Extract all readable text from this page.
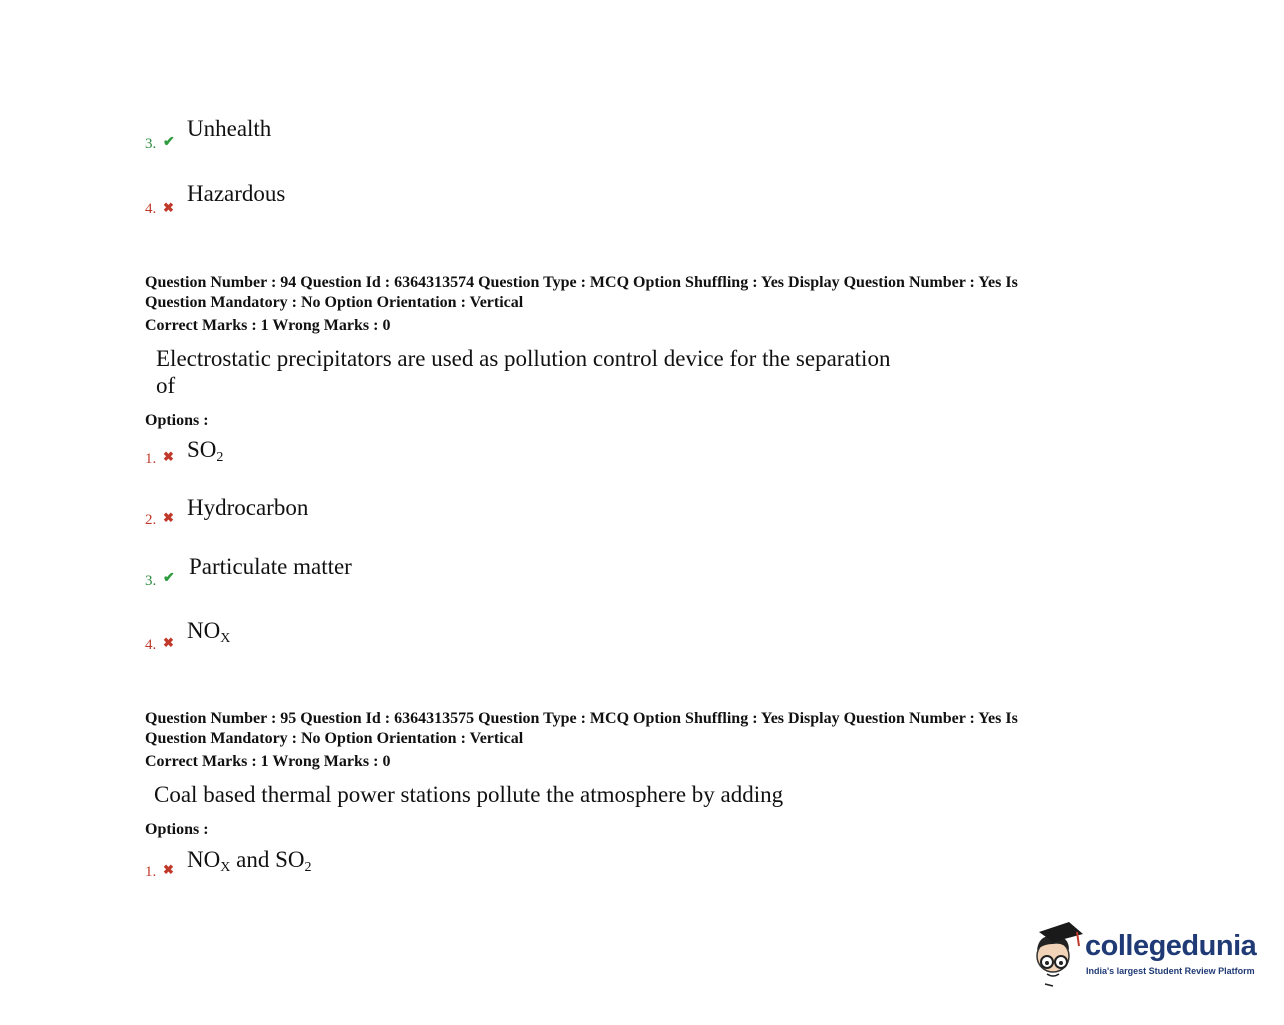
3. ✔
Unhealth
4. ✖
Hazardous
Question Number : 94 Question Id : 6364313574 Question Type : MCQ Option Shuffling : Yes Display Question Number : Yes Is
Question Mandatory : No Option Orientation : Vertical
Correct Marks : 1 Wrong Marks : 0
Electrostatic precipitators are used as pollution control device for the separation
of
Options :
1. ✖ $SO_2$
2. ✖ Hydrocarbon
3. ✔ Particulate matter
4. ✖ $NO_X$
Question Number : 95 Question Id : 6364313575 Question Type : MCQ Option Shuffling : Yes Display Question Number : Yes Is
Question Mandatory : No Option Orientation : Vertical
Correct Marks : 1 Wrong Marks : 0
Coal based thermal power stations pollute the atmosphere by adding
Options :
1. ✖ $NO_X$ and $SO_2$
collegedunia
India's largest Student Review Platform
